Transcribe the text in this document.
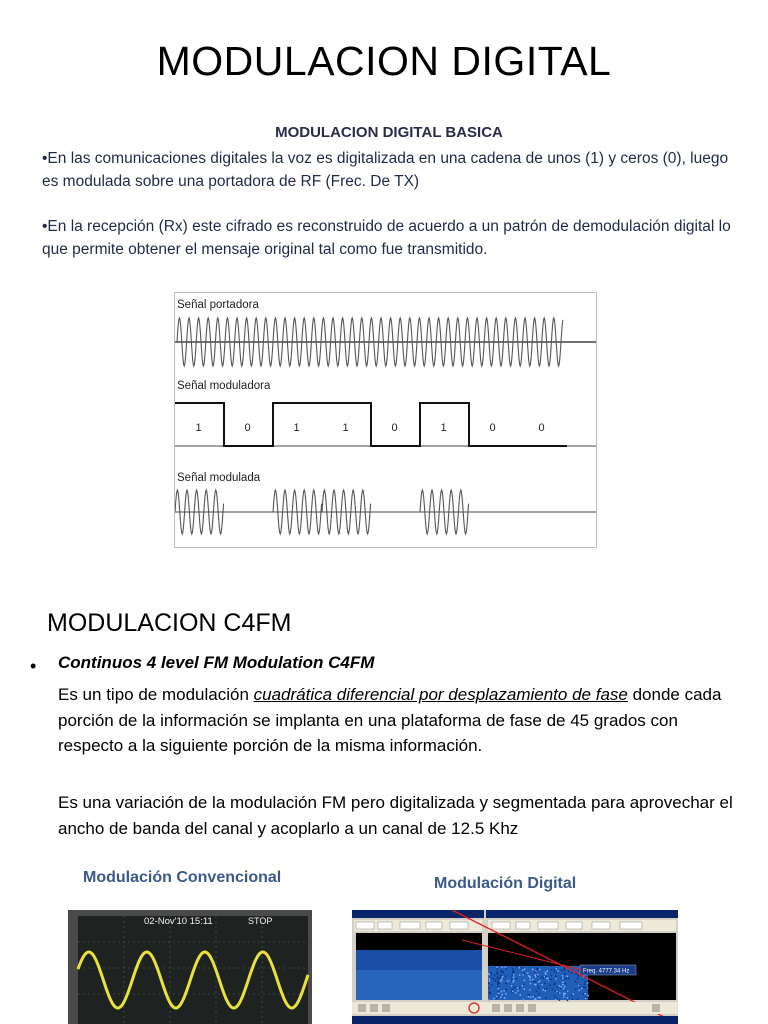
MODULACION DIGITAL
MODULACION DIGITAL BASICA
•En las comunicaciones digitales la voz es digitalizada en una cadena de unos (1) y ceros (0), luego es modulada sobre una portadora de RF (Frec. De TX)
•En la recepción (Rx) este cifrado es reconstruido de acuerdo a un patrón de demodulación digital lo que permite obtener el mensaje original tal como fue transmitido.
Señal portadora
Señal moduladora
1	0	1	1	0	1	0	0
Señal modulada
MODULACION C4FM
• Continuos 4 level FM Modulation C4FM
Es un tipo de modulación cuadrática diferencial por desplazamiento de fase donde cada porción de la información se implanta en una plataforma de fase de 45 grados con respecto a la siguiente porción de la misma información.
Es una variación de la modulación FM pero digitalizada y segmentada para aprovechar el ancho de banda del canal y acoplarlo a un canal de 12.5 Khz
Modulación Convencional	Modulación Digital
02-Nov'10 15:11	STOP
Freq. 4777.34 Hz
